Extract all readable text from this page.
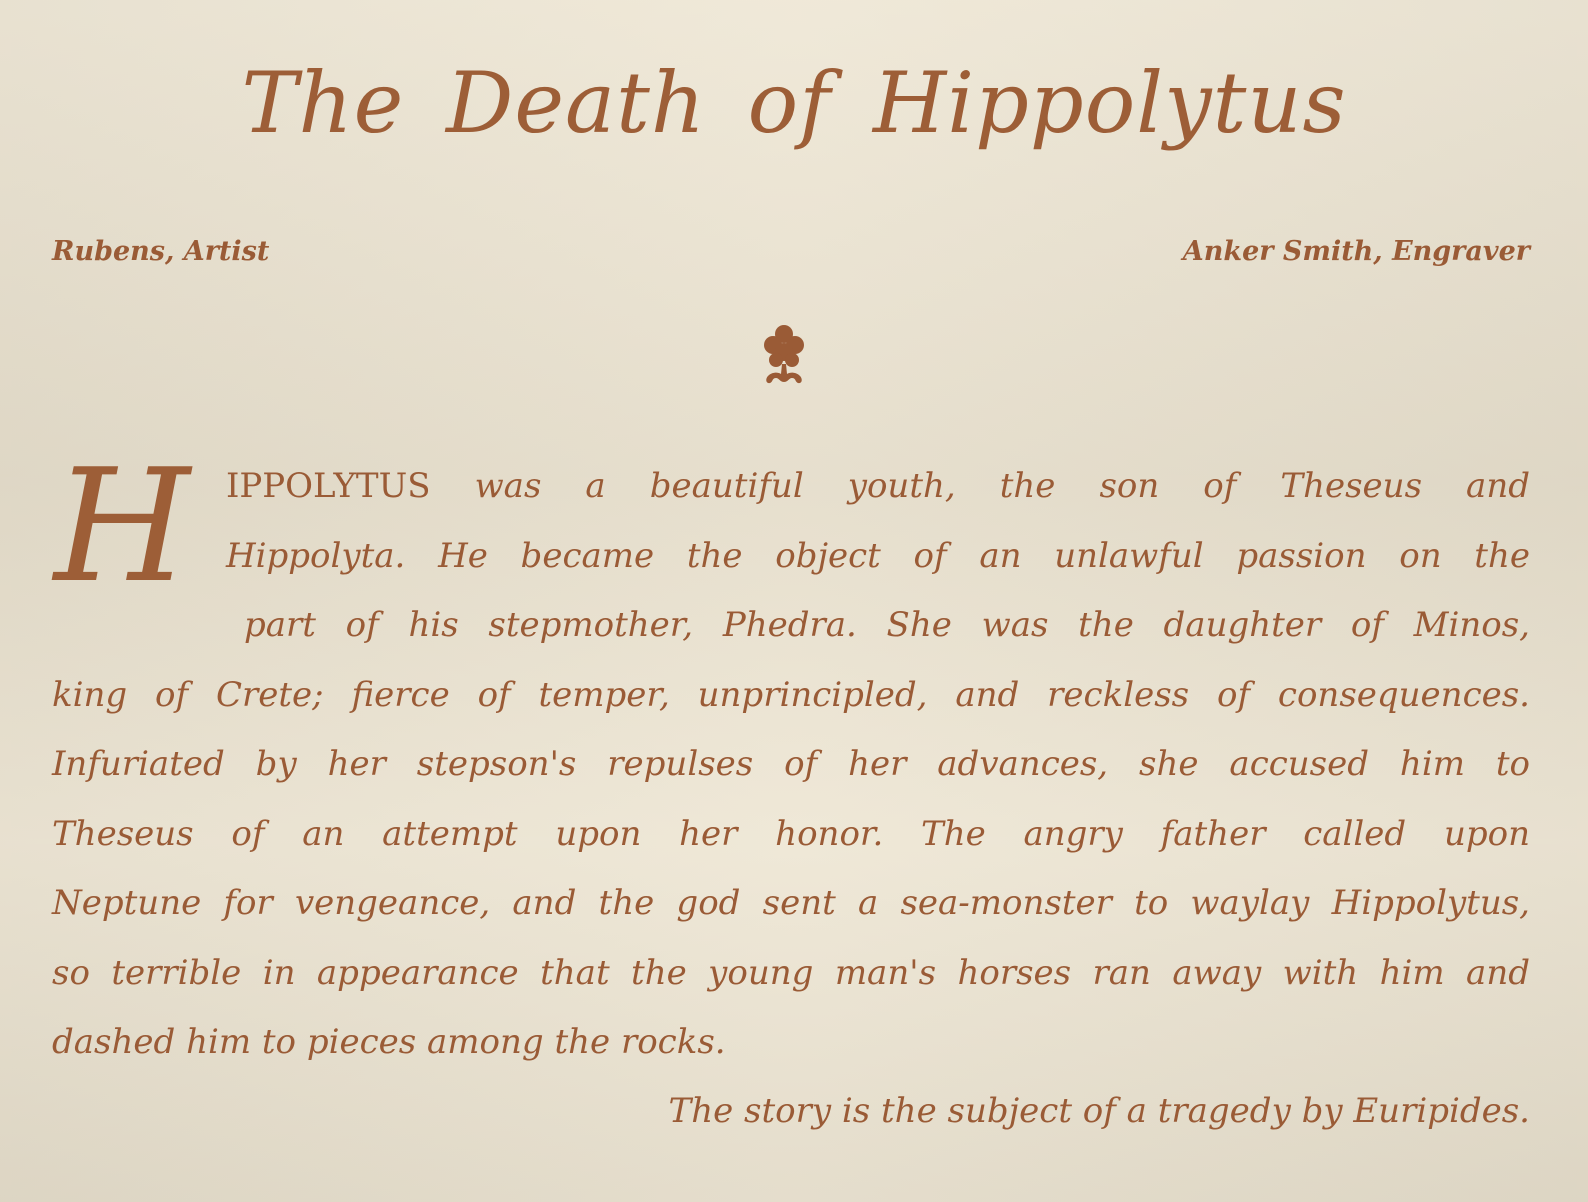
The Death of Hippolytus
Rubens, Artist	Anker Smith, Engraver
H	IPPOLYTUS was a beautiful youth, the son of Theseus and
Hippolyta. He became the object of an unlawful passion on the
part of his stepmother, Phedra. She was the daughter of Minos,
king of Crete; fierce of temper, unprincipled, and reckless of consequences.
Infuriated by her stepson's repulses of her advances, she accused him to
Theseus of an attempt upon her honor. The angry father called upon
Neptune for vengeance, and the god sent a sea-monster to waylay Hippolytus,
so terrible in appearance that the young man's horses ran away with him and
dashed him to pieces among the rocks.
The story is the subject of a tragedy by Euripides.
